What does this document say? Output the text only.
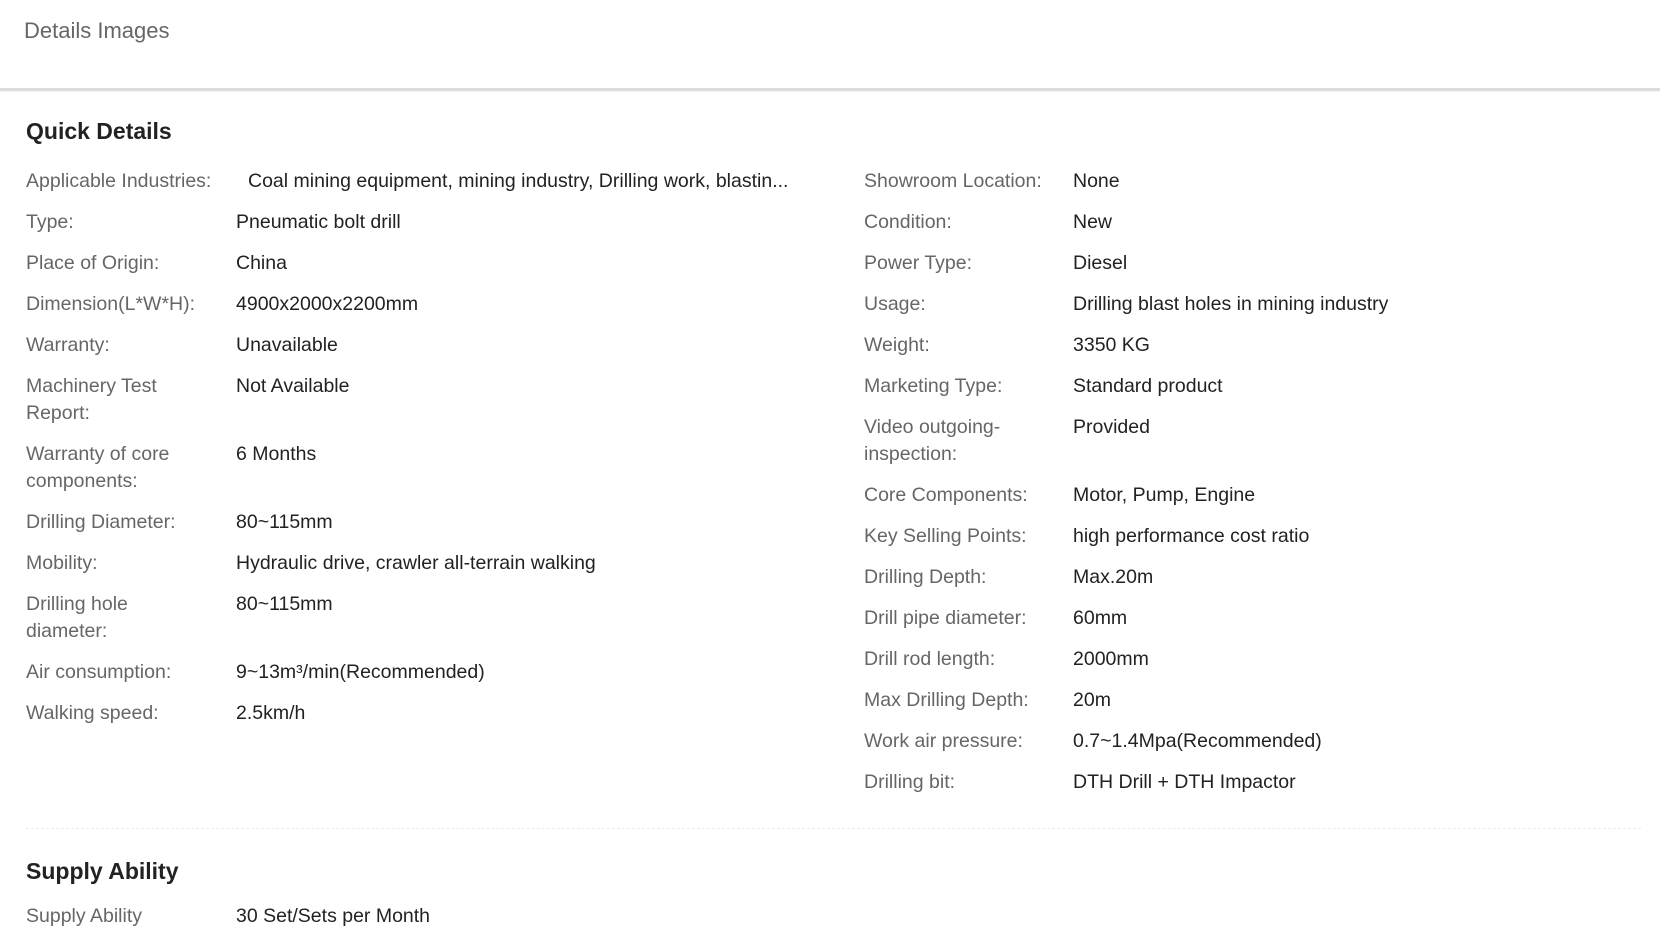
Details Images
Quick Details
Applicable Industries:	Coal mining equipment, mining industry, Drilling work, blastin...
Type:	Pneumatic bolt drill
Place of Origin:	China
Dimension(L*W*H):	4900x2000x2200mm
Warranty:	Unavailable
Machinery Test Report:
Not Available
Warranty of core components:
6 Months
Drilling Diameter:	80~115mm
Mobility:	Hydraulic drive, crawler all-terrain walking
Drilling hole diameter:
80~115mm
Air consumption:	9~13m³/min(Recommended)
Walking speed:	2.5km/h
Showroom Location:	None
Condition:	New
Power Type:	Diesel
Usage:	Drilling blast holes in mining industry
Weight:	3350 KG
Marketing Type:	Standard product
Video outgoing-inspection:
Provided
Core Components:	Motor, Pump, Engine
Key Selling Points:	high performance cost ratio
Drilling Depth:	Max.20m
Drill pipe diameter:	60mm
Drill rod length:	2000mm
Max Drilling Depth:	20m
Work air pressure:	0.7~1.4Mpa(Recommended)
Drilling bit:	DTH Drill + DTH Impactor
Supply Ability
Supply Ability	30 Set/Sets per Month
